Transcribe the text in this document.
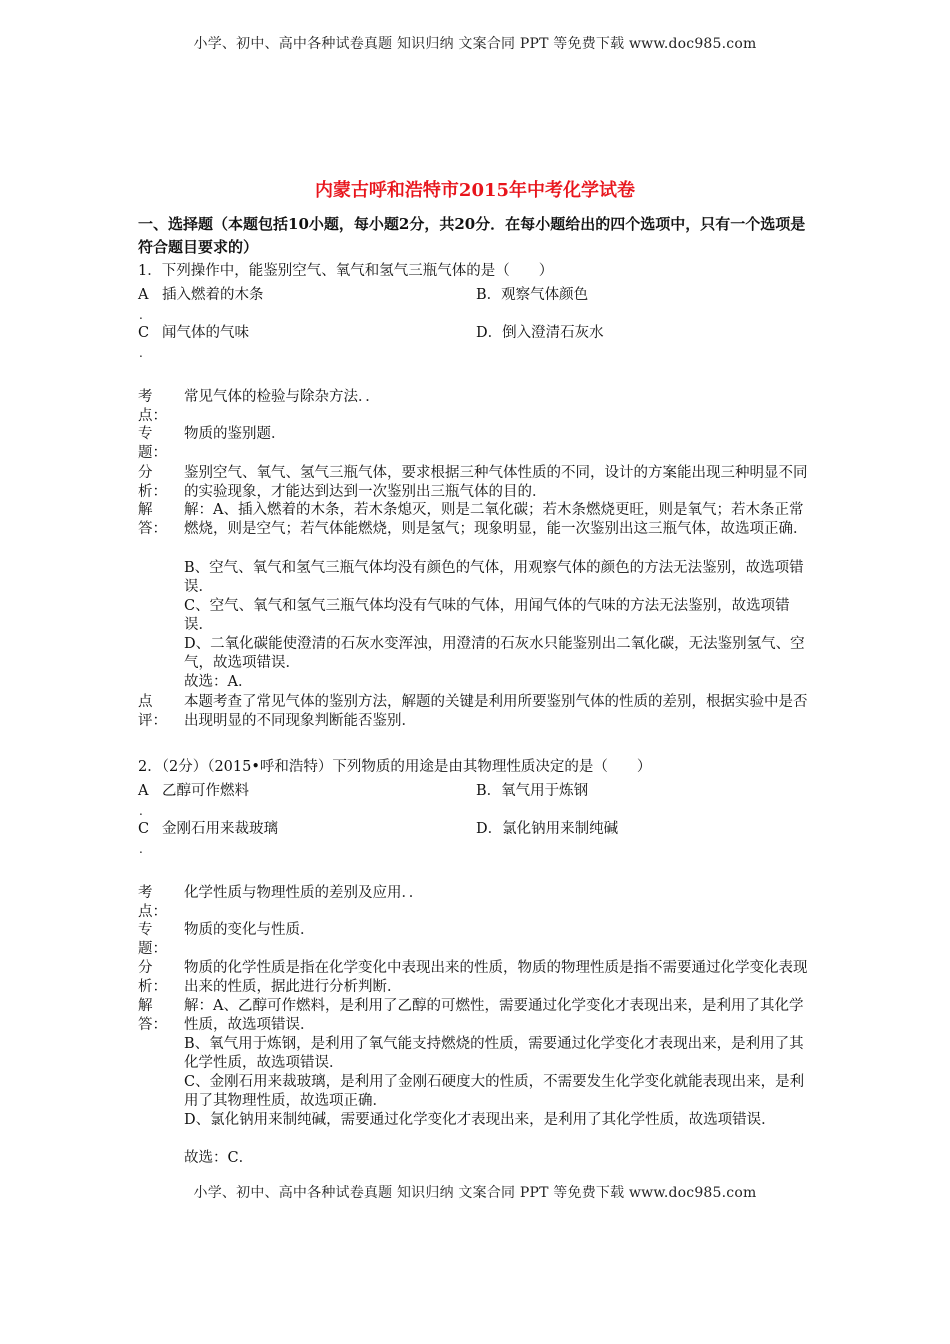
小学、初中、高中各种试卷真题 知识归纳 文案合同 PPT 等免费下载 www.doc985.com
内蒙古呼和浩特市2015年中考化学试卷
一、选择题（本题包括10小题，每小题2分，共20分．在每小题给出的四个选项中，只有一个选项是符合题目要求的）
1．下列操作中，能鉴别空气、氧气和氢气三瓶气体的是（　　）
A 插入燃着的木条	B．观察气体颜色
.
C 闻气体的气味	D．倒入澄清石灰水
.
考点：
常见气体的检验与除杂方法．．
专题：
物质的鉴别题．
分析：
鉴别空气、氧气、氢气三瓶气体，要求根据三种气体性质的不同，设计的方案能出现三种明显不同的实验现象，才能达到达到一次鉴别出三瓶气体的目的．
解答：
解：A、插入燃着的木条，若木条熄灭，则是二氧化碳；若木条燃烧更旺，则是氧气；若木条正常燃烧，则是空气；若气体能燃烧，则是氢气；现象明显，能一次鉴别出这三瓶气体，故选项正确．
B、空气、氧气和氢气三瓶气体均没有颜色的气体，用观察气体的颜色的方法无法鉴别，故选项错误．
C、空气、氧气和氢气三瓶气体均没有气味的气体，用闻气体的气味的方法无法鉴别，故选项错误．
D、二氧化碳能使澄清的石灰水变浑浊，用澄清的石灰水只能鉴别出二氧化碳，无法鉴别氢气、空气，故选项错误．
故选：A．
点评：
本题考查了常见气体的鉴别方法，解题的关键是利用所要鉴别气体的性质的差别，根据实验中是否出现明显的不同现象判断能否鉴别．
2．（2分）（2015•呼和浩特）下列物质的用途是由其物理性质决定的是（　　）
A 乙醇可作燃料	B．氧气用于炼钢
.
C 金刚石用来裁玻璃	D．氯化钠用来制纯碱
.
考点：
化学性质与物理性质的差别及应用．．
专题：
物质的变化与性质．
分析：
物质的化学性质是指在化学变化中表现出来的性质，物质的物理性质是指不需要通过化学变化表现出来的性质，据此进行分析判断．
解答：
解：A、乙醇可作燃料，是利用了乙醇的可燃性，需要通过化学变化才表现出来，是利用了其化学性质，故选项错误．
B、氧气用于炼钢，是利用了氧气能支持燃烧的性质，需要通过化学变化才表现出来，是利用了其化学性质，故选项错误．
C、金刚石用来裁玻璃，是利用了金刚石硬度大的性质，不需要发生化学变化就能表现出来，是利用了其物理性质，故选项正确．
D、氯化钠用来制纯碱，需要通过化学变化才表现出来，是利用了其化学性质，故选项错误．
故选：C．
小学、初中、高中各种试卷真题 知识归纳 文案合同 PPT 等免费下载 www.doc985.com
